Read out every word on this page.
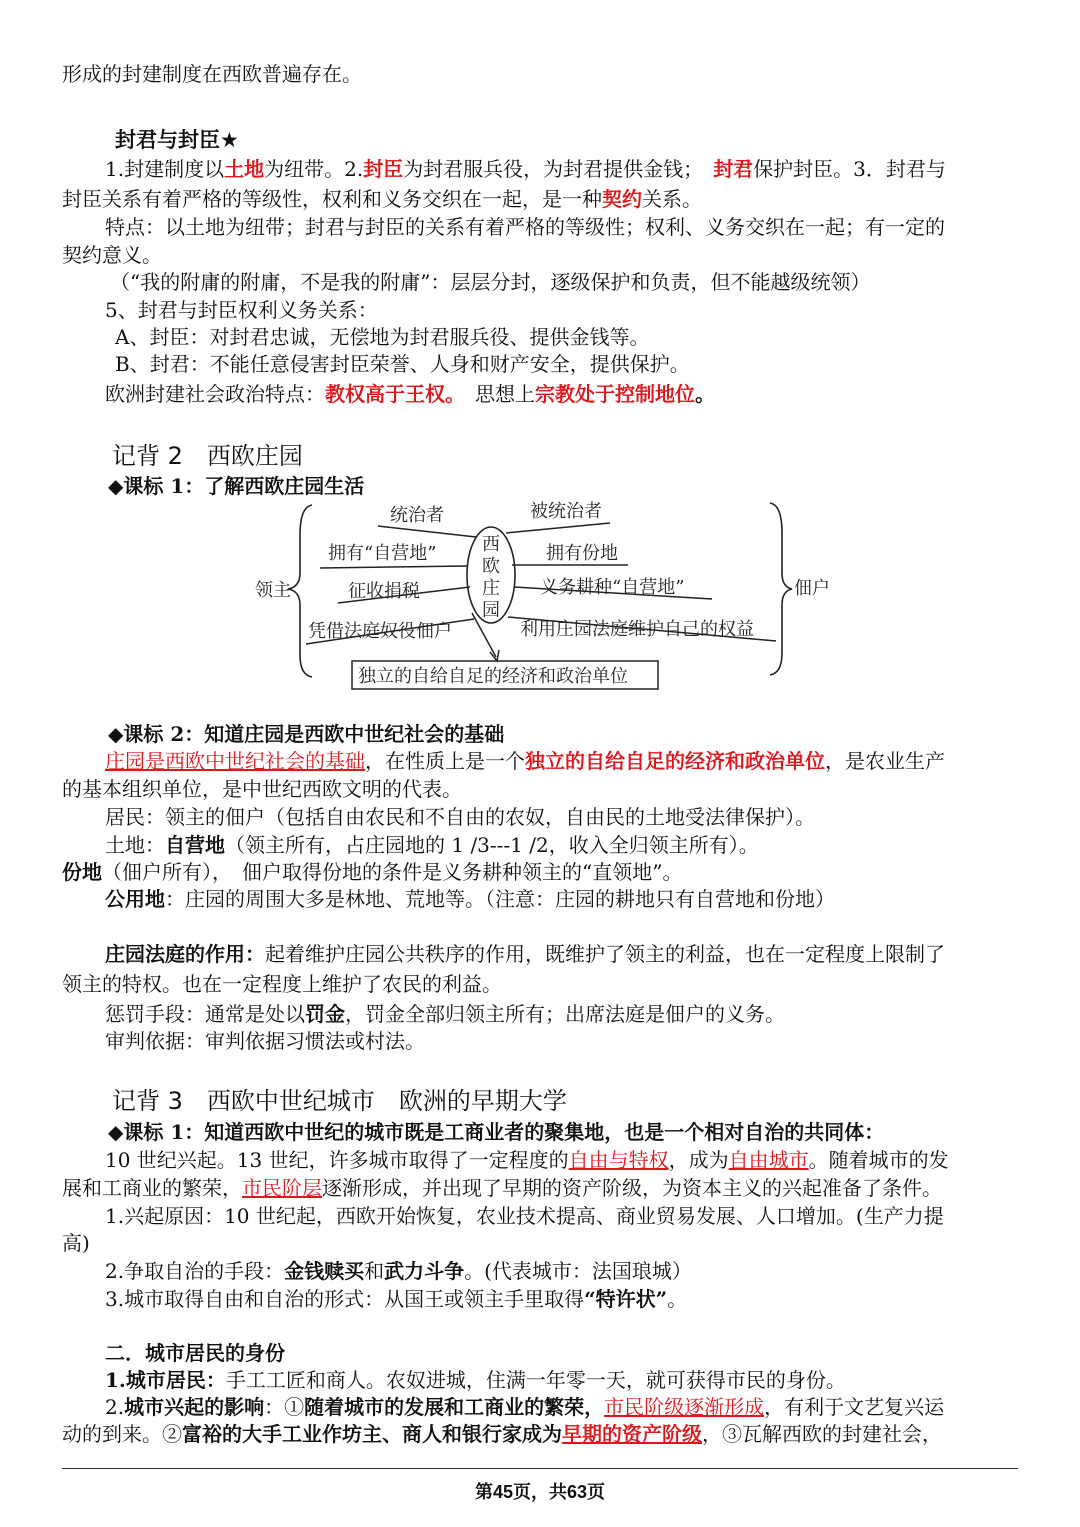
形成的封建制度在西欧普遍存在。
封君与封臣★
1.封建制度以土地为纽带。2.封臣为封君服兵役，为封君提供金钱；　封君保护封臣。3．封君与
封臣关系有着严格的等级性，权利和义务交织在一起，是一种契约关系。
特点：以土地为纽带；封君与封臣的关系有着严格的等级性；权利、义务交织在一起；有一定的
契约意义。
（“我的附庸的附庸，不是我的附庸”：层层分封，逐级保护和负责，但不能越级统领）
5、封君与封臣权利义务关系：
A、封臣：对封君忠诚，无偿地为封君服兵役、提供金钱等。
B、封君：不能任意侵害封臣荣誉、人身和财产安全，提供保护。
欧洲封建社会政治特点：教权高于王权。　思想上宗教处于控制地位。
记背 2　西欧庄园
◆课标 1：了解西欧庄园生活
领主	佃户
西
欧
庄
园
统治者
拥有“自营地”
征收捐税
凭借法庭奴役佃户
被统治者
拥有份地
义务耕种“自营地”
利用庄园法庭维护自己的权益
独立的自给自足的经济和政治单位
◆课标 2：知道庄园是西欧中世纪社会的基础
庄园是西欧中世纪社会的基础，在性质上是一个独立的自给自足的经济和政治单位，是农业生产
的基本组织单位，是中世纪西欧文明的代表。
居民：领主的佃户（包括自由农民和不自由的农奴，自由民的土地受法律保护）。
土地：自营地（领主所有，占庄园地的 1 /3---1 /2，收入全归领主所有）。
份地（佃户所有），　佃户取得份地的条件是义务耕种领主的“直领地”。
公用地：庄园的周围大多是林地、荒地等。（注意：庄园的耕地只有自营地和份地）
庄园法庭的作用：起着维护庄园公共秩序的作用，既维护了领主的利益，也在一定程度上限制了
领主的特权。也在一定程度上维护了农民的利益。
惩罚手段：通常是处以罚金，罚金全部归领主所有；出席法庭是佃户的义务。
审判依据：审判依据习惯法或村法。
记背 3　西欧中世纪城市　欧洲的早期大学
◆课标 1：知道西欧中世纪的城市既是工商业者的聚集地，也是一个相对自治的共同体：
10 世纪兴起。13 世纪，许多城市取得了一定程度的自由与特权，成为自由城市。随着城市的发
展和工商业的繁荣，市民阶层逐渐形成，并出现了早期的资产阶级，为资本主义的兴起准备了条件。
1.兴起原因：10 世纪起，西欧开始恢复，农业技术提高、商业贸易发展、人口增加。(生产力提
高)
2.争取自治的手段：金钱赎买和武力斗争。(代表城市：法国琅城）
3.城市取得自由和自治的形式：从国王或领主手里取得“特许状”。
二．城市居民的身份
1.城市居民：手工工匠和商人。农奴进城，住满一年零一天，就可获得市民的身份。
2.城市兴起的影响：①随着城市的发展和工商业的繁荣，市民阶级逐渐形成，有利于文艺复兴运
动的到来。②富裕的大手工业作坊主、商人和银行家成为早期的资产阶级，③瓦解西欧的封建社会，
第45页，共63页
